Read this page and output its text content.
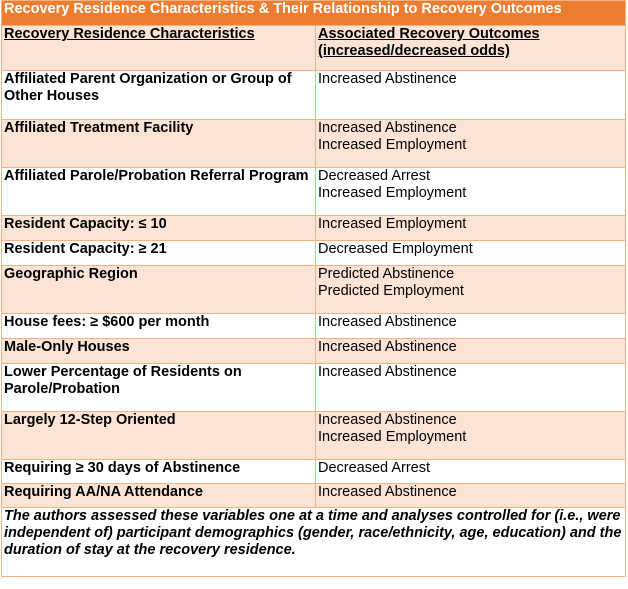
Recovery Residence Characteristics & Their Relationship to Recovery Outcomes	
Recovery Residence Characteristics	Associated Recovery Outcomes
(increased/decreased odds)

Affiliated Parent Organization or Group of Other Houses	Increased Abstinence

Affiliated Treatment Facility	Increased Abstinence
Increased Employment

Affiliated Parole/Probation Referral Program	Decreased Arrest
Increased Employment

Resident Capacity: ≤ 10	Increased Employment

Resident Capacity: ≥ 21	Decreased Employment

Geographic Region	Predicted Abstinence
Predicted Employment

House fees: ≥ $600 per month	Increased Abstinence

Male-Only Houses	Increased Abstinence

Lower Percentage of Residents on Parole/Probation	Increased Abstinence

Largely 12-Step Oriented	Increased Abstinence
Increased Employment

Requiring ≥ 30 days of Abstinence	Decreased Arrest

Requiring AA/NA Attendance	Increased Abstinence

The authors assessed these variables one at a time and analyses controlled for (i.e., were independent of) participant demographics (gender, race/ethnicity, age, education) and the duration of stay at the recovery residence.	
